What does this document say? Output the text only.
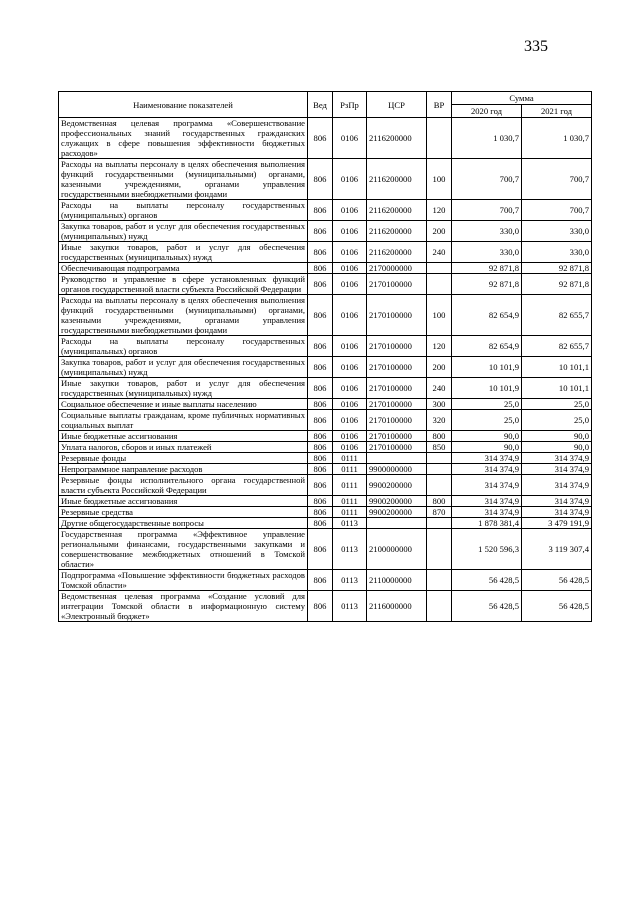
335
Наименование показателей	Вед	РзПр	ЦСР	ВР	Сумма	
					2020 год	2021 год
Ведомственная целевая программа «Совершенствование профессиональных знаний государственных гражданских служащих в сфере повышения эффективности бюджетных расходов»	806	0106	2116200000		1 030,7	1 030,7
Расходы на выплаты персоналу в целях обеспечения выполнения функций государственными (муниципальными) органами, казенными учреждениями, органами управления государственными внебюджетными фондами	806	0106	2116200000	100	700,7	700,7
Расходы на выплаты персоналу государственных (муниципальных) органов	806	0106	2116200000	120	700,7	700,7
Закупка товаров, работ и услуг для обеспечения государственных (муниципальных) нужд	806	0106	2116200000	200	330,0	330,0
Иные закупки товаров, работ и услуг для обеспечения государственных (муниципальных) нужд	806	0106	2116200000	240	330,0	330,0
Обеспечивающая подпрограмма	806	0106	2170000000		92 871,8	92 871,8
Руководство и управление в сфере установленных функций органов государственной власти субъекта Российской Федерации	806	0106	2170100000		92 871,8	92 871,8
Расходы на выплаты персоналу в целях обеспечения выполнения функций государственными (муниципальными) органами, казенными учреждениями, органами управления государственными внебюджетными фондами	806	0106	2170100000	100	82 654,9	82 655,7
Расходы на выплаты персоналу государственных (муниципальных) органов	806	0106	2170100000	120	82 654,9	82 655,7
Закупка товаров, работ и услуг для обеспечения государственных (муниципальных) нужд	806	0106	2170100000	200	10 101,9	10 101,1
Иные закупки товаров, работ и услуг для обеспечения государственных (муниципальных) нужд	806	0106	2170100000	240	10 101,9	10 101,1
Социальное обеспечение и иные выплаты населению	806	0106	2170100000	300	25,0	25,0
Социальные выплаты гражданам, кроме публичных нормативных социальных выплат	806	0106	2170100000	320	25,0	25,0
Иные бюджетные ассигнования	806	0106	2170100000	800	90,0	90,0
Уплата налогов, сборов и иных платежей	806	0106	2170100000	850	90,0	90,0
Резервные фонды	806	0111			314 374,9	314 374,9
Непрограммное направление расходов	806	0111	9900000000		314 374,9	314 374,9
Резервные фонды исполнительного органа государственной власти субъекта Российской Федерации	806	0111	9900200000		314 374,9	314 374,9
Иные бюджетные ассигнования	806	0111	9900200000	800	314 374,9	314 374,9
Резервные средства	806	0111	9900200000	870	314 374,9	314 374,9
Другие общегосударственные вопросы	806	0113			1 878 381,4	3 479 191,9
Государственная программа «Эффективное управление региональными финансами, государственными закупками и совершенствование межбюджетных отношений в Томской области»	806	0113	2100000000		1 520 596,3	3 119 307,4
Подпрограмма «Повышение эффективности бюджетных расходов Томской области»	806	0113	2110000000		56 428,5	56 428,5
Ведомственная целевая программа «Создание условий для интеграции Томской области в информационную систему «Электронный бюджет»	806	0113	2116000000		56 428,5	56 428,5
